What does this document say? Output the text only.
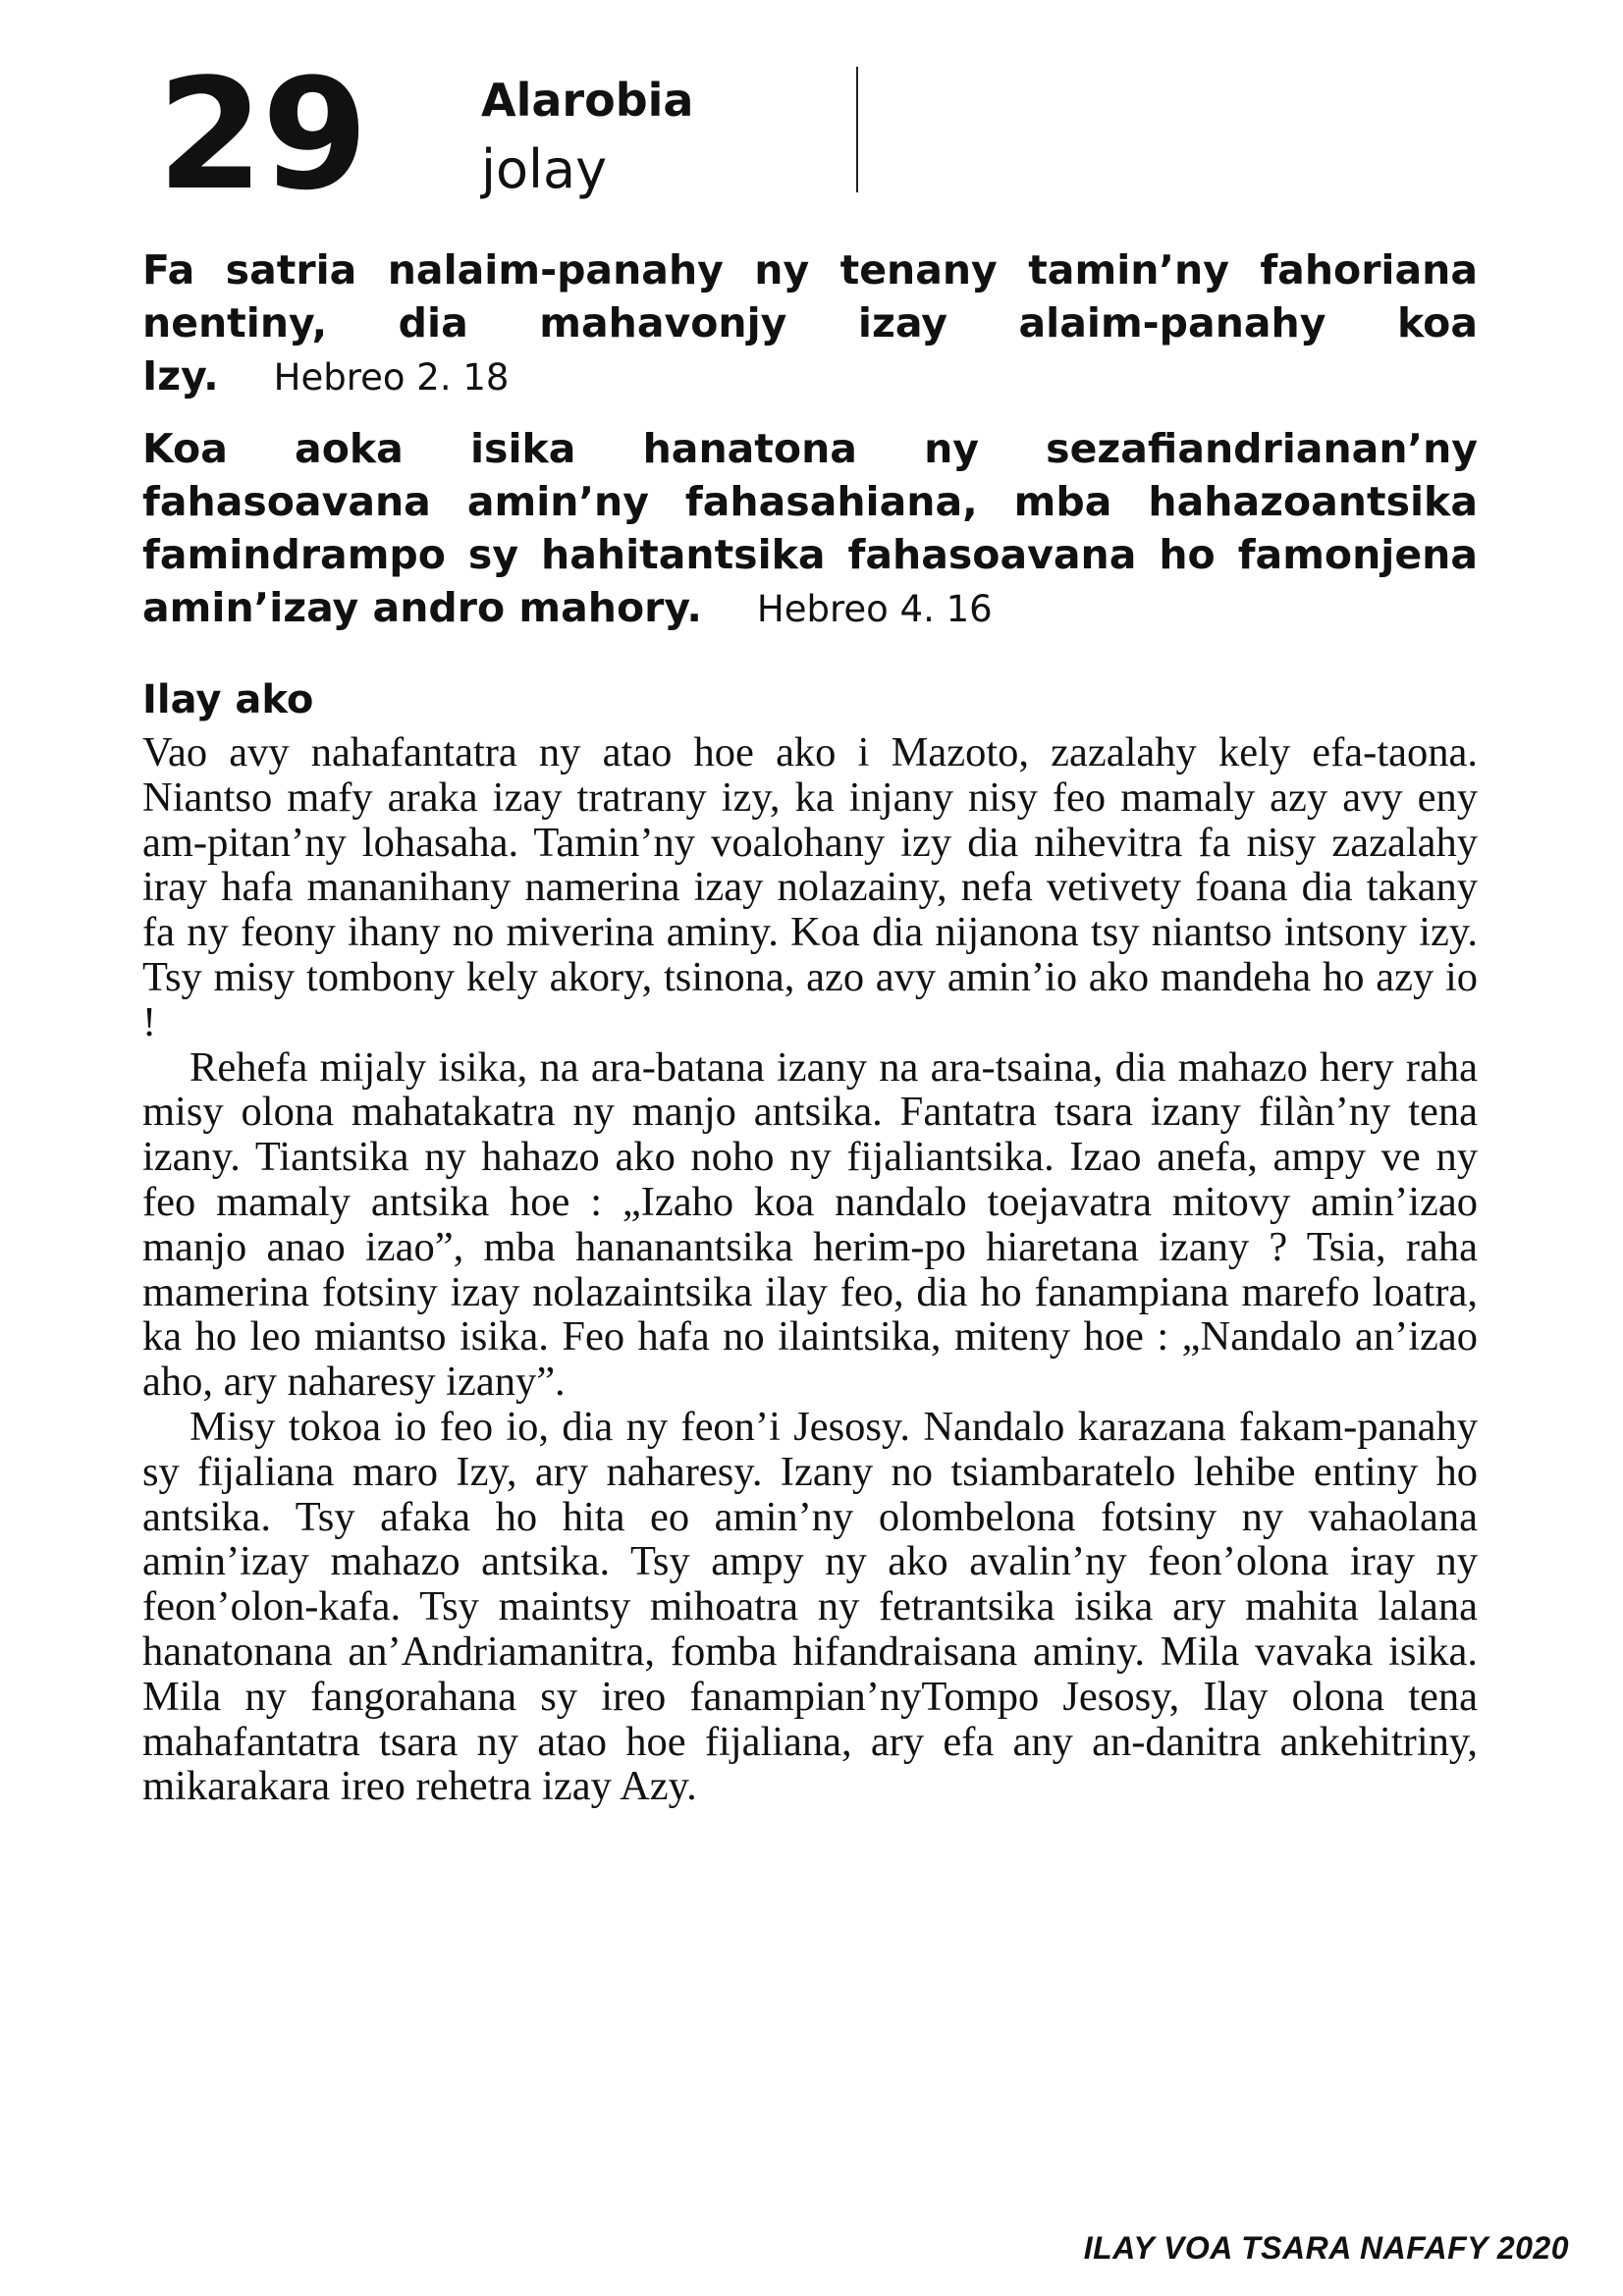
29	Alarobia
jolay
Fa satria nalaim-panahy ny tenany tamin’ny fahoriana nentiny, dia mahavonjy izay alaim-panahy koa Izy. Hebreo 2. 18
Koa aoka isika hanatona ny sezafiandrianan’ny fahasoavana amin’ny fahasahiana, mba hahazoantsika famindrampo sy hahitantsika fahasoavana ho famonjena amin’izay andro mahory. Hebreo 4. 16
Ilay ako

Vao avy nahafantatra ny atao hoe ako i Mazoto, zazalahy kely efa-taona. Niantso mafy araka izay tratrany izy, ka injany nisy feo mamaly azy avy eny am-pitan’ny lohasaha. Tamin’ny voalohany izy dia nihevitra fa nisy zazalahy iray hafa mananihany namerina izay nolazainy, nefa vetivety foana dia takany fa ny feony ihany no miverina aminy. Koa dia nijanona tsy niantso intsony izy. Tsy misy tombony kely akory, tsinona, azo avy amin’io ako mandeha ho azy io !

Rehefa mijaly isika, na ara-batana izany na ara-tsaina, dia mahazo hery raha misy olona mahatakatra ny manjo antsika. Fantatra tsara izany filàn’ny tena izany. Tiantsika ny hahazo ako noho ny fijaliantsika. Izao anefa, ampy ve ny feo mamaly antsika hoe : „Izaho koa nandalo toejavatra mitovy amin’izao manjo anao izao”, mba hananantsika herim-po hiaretana izany ? Tsia, raha mamerina fotsiny izay nolazaintsika ilay feo, dia ho fanampiana marefo loatra, ka ho leo miantso isika. Feo hafa no ilaintsika, miteny hoe : „Nandalo an’izao aho, ary naharesy izany”.

Misy tokoa io feo io, dia ny feon’i Jesosy. Nandalo karazana fakam-panahy sy fijaliana maro Izy, ary naharesy. Izany no tsiambaratelo lehibe entiny ho antsika. Tsy afaka ho hita eo amin’ny olombelona fotsiny ny vahaolana amin’izay mahazo antsika. Tsy ampy ny ako avalin’ny feon’olona iray ny feon’olon-kafa. Tsy maintsy mihoatra ny fetrantsika isika ary mahita lalana hanatonana an’Andriamanitra, fomba hifandraisana aminy. Mila vavaka isika. Mila ny fangorahana sy ireo fanampian’nyTompo Jesosy, Ilay olona tena mahafantatra tsara ny atao hoe fijaliana, ary efa any an-danitra ankehitriny, mikarakara ireo rehetra izay Azy.

ILAY VOA TSARA NAFAFY 2020
